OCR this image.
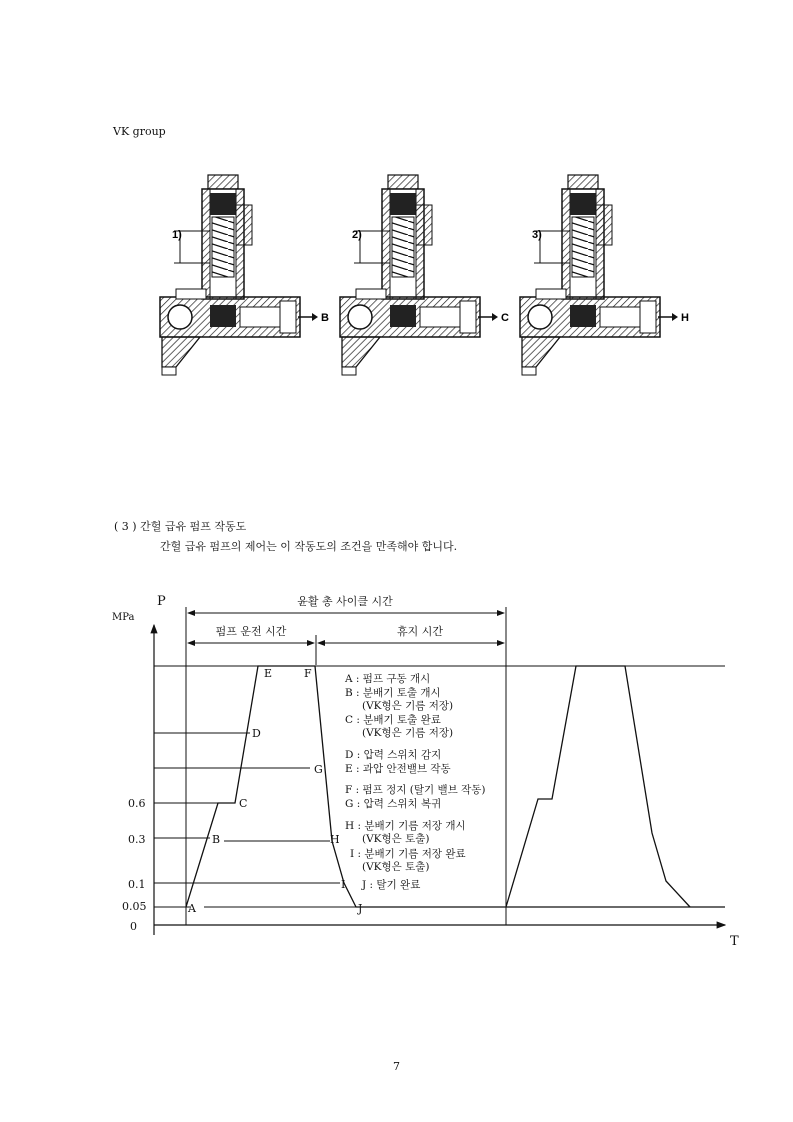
VK group
1)
B
2)
C
3)
H
( 3 ) 간헐 급유 펌프 작동도
간헐 급유 펌프의 제어는 이 작동도의 조건을 만족해야 합니다.
P
MPa
T
0.6
0.3
0.1
0.05
0
윤활 총 사이클 시간
펌프 운전 시간	휴지 시간
A
B
C
D
E	F
G
H
I
J
A : 펌프 구동 개시
B : 분배기 토출 개시
(VK형은 기름 저장)
C : 분배기 토출 완료
(VK형은 기름 저장)
D : 압력 스위치 감지
E : 과압 안전밸브 작동
F : 펌프 정지 (탈기 밸브 작동)
G : 압력 스위치 복귀
H : 분배기 기름 저장 개시
(VK형은 토출)
I : 분배기 기름 저장 완료
(VK형은 토출)
J : 탈기 완료
7
